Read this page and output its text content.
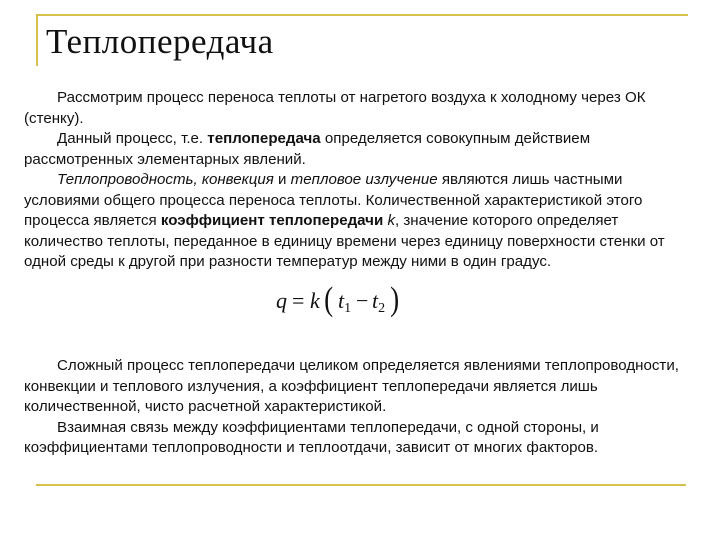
Теплопередача

Рассмотрим процесс переноса теплоты от нагретого воздуха к холодному через ОК (стенку).

Данный процесс, т.е. теплопередача определяется совокупным действием рассмотренных элементарных явлений.

Теплопроводность, конвекция и тепловое излучение являются лишь частными условиями общего процесса переноса теплоты. Количественной характеристикой этого процесса является коэффициент теплопередачи k, значение которого определяет количество теплоты, переданное в единицу времени через единицу поверхности стенки от одной среды к другой при разности температур между ними в один градус.

q = k ( $t_1 - t_2$ )

Сложный процесс теплопередачи целиком определяется явлениями теплопроводности, конвекции и теплового излучения, а коэффициент теплопередачи является лишь количественной, чисто расчетной характеристикой.

Взаимная связь между коэффициентами теплопередачи, с одной стороны, и коэффициентами теплопроводности и теплоотдачи, зависит от многих факторов.
